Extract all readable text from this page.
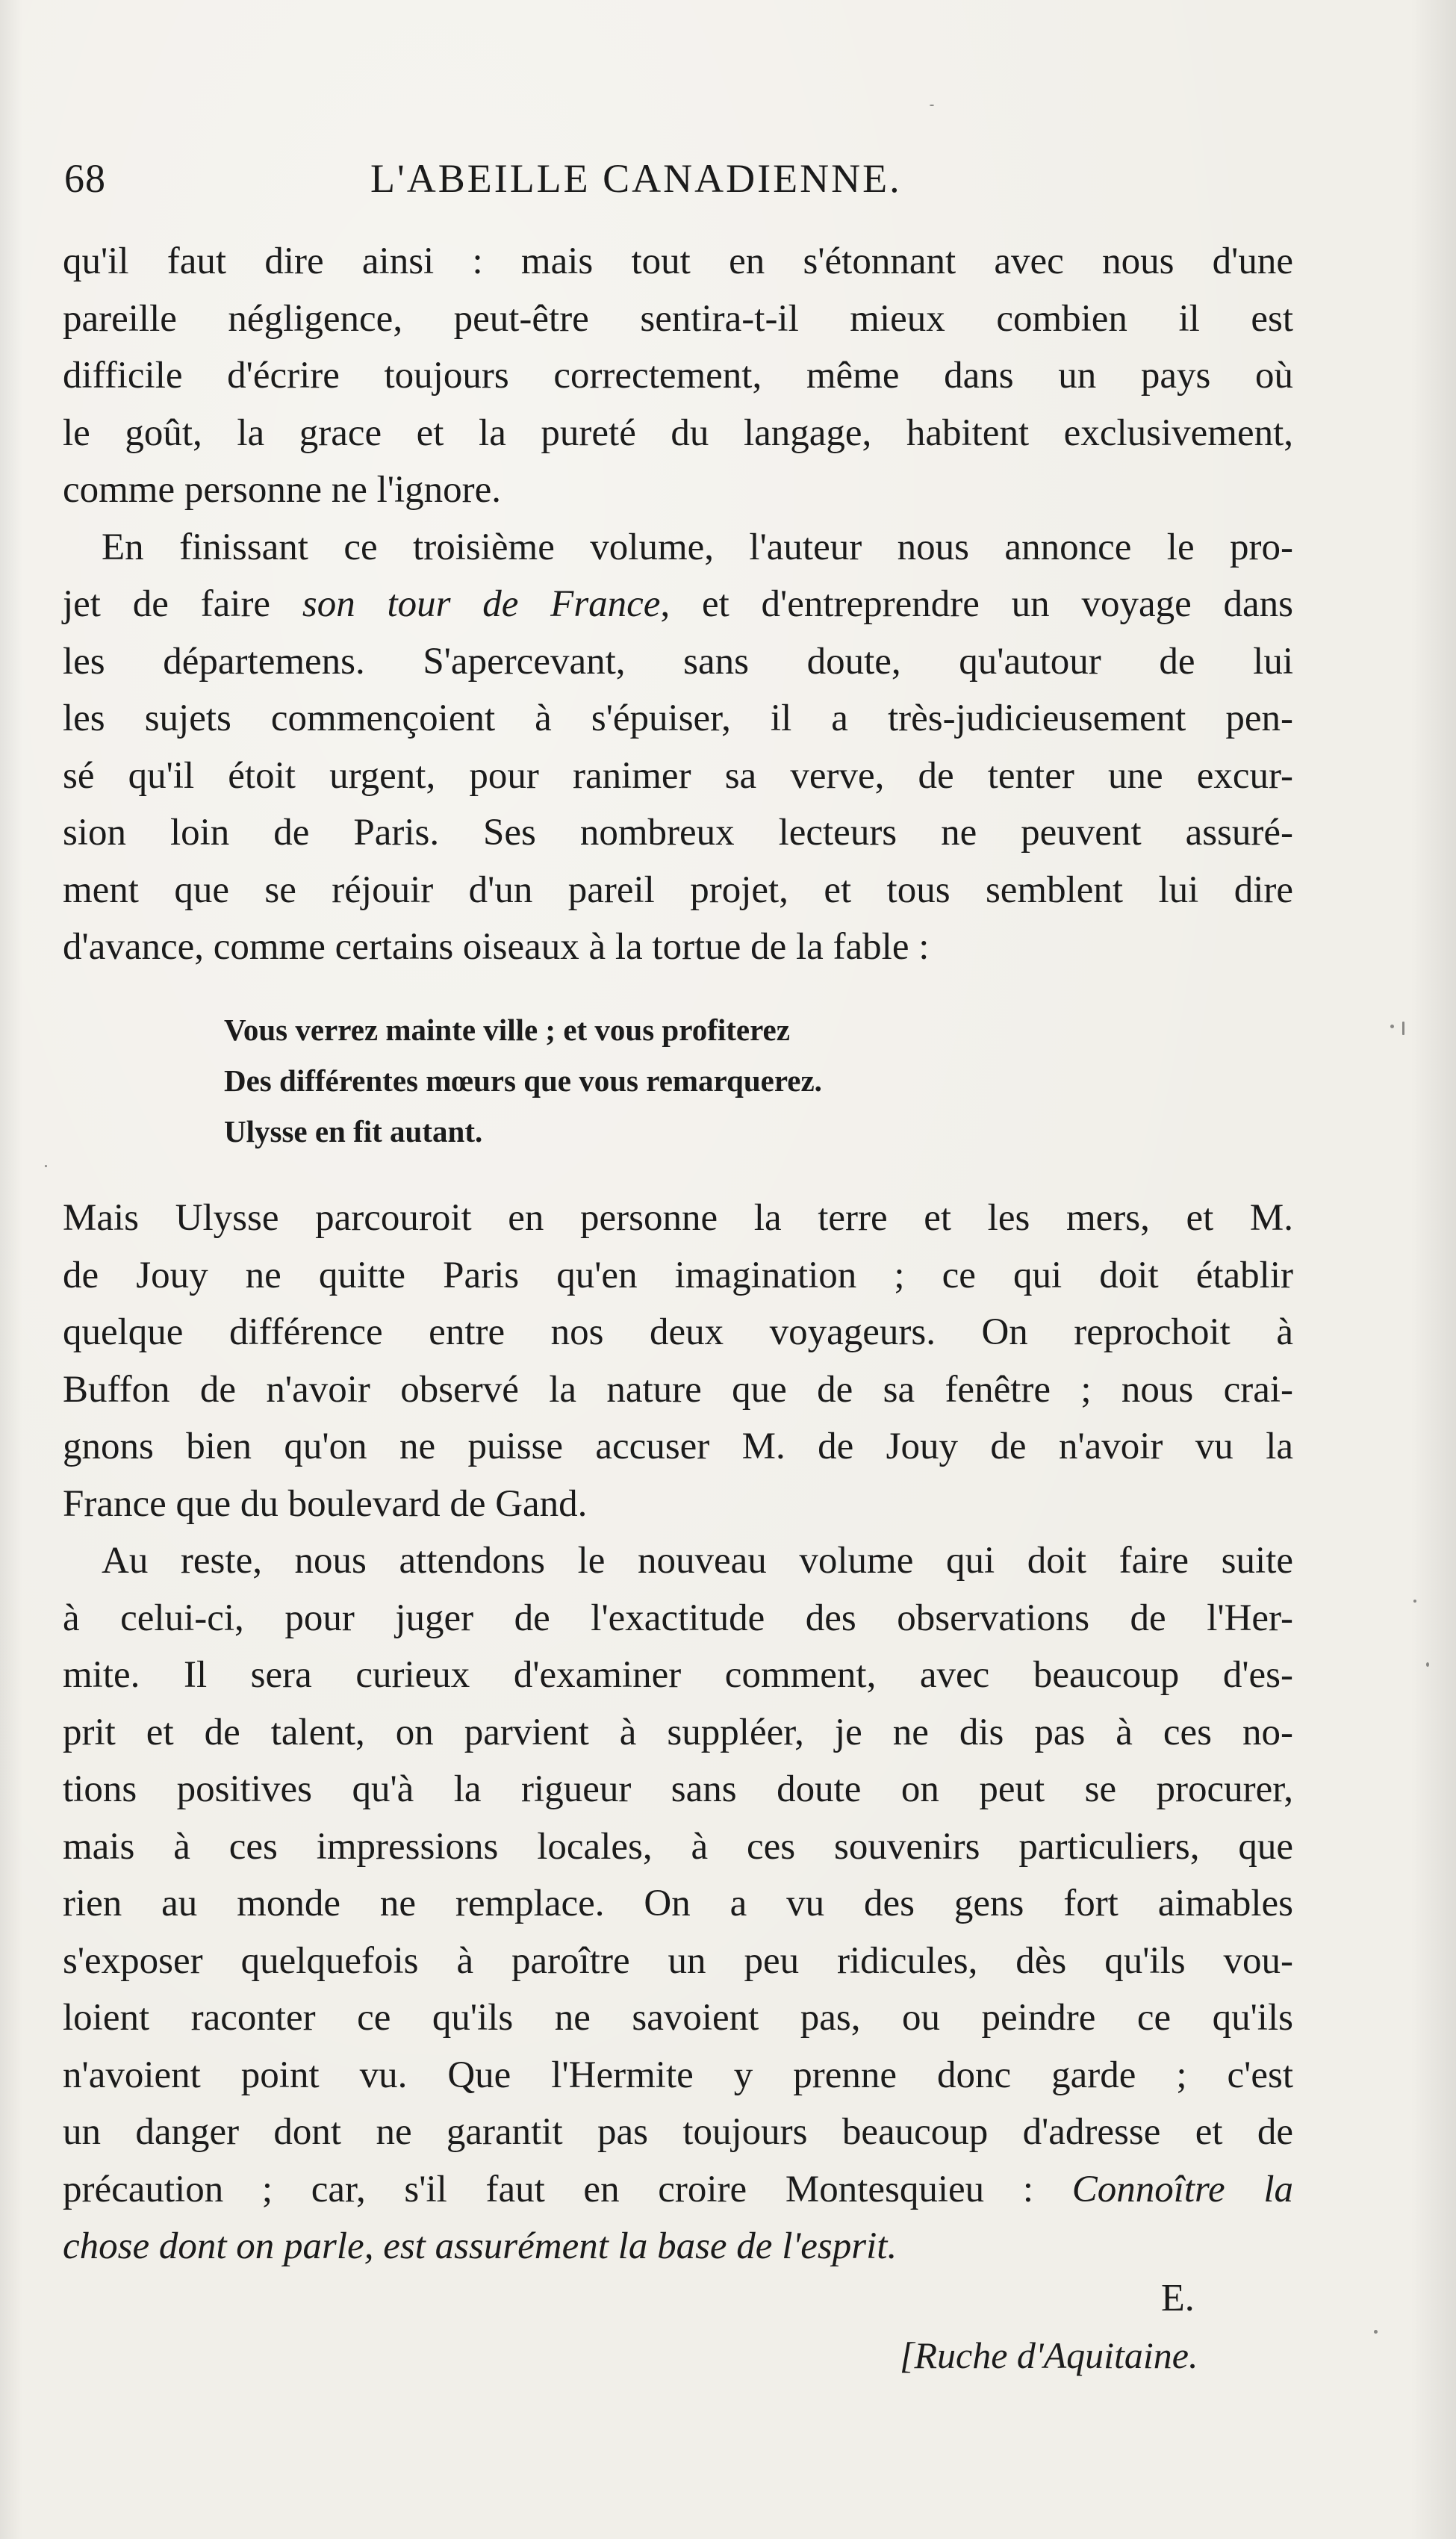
68	L'ABEILLE CANADIENNE.

qu'il faut dire ainsi : mais tout en s'étonnant avec nous d'une

pareille négligence, peut-être sentira-t-il mieux combien il est

difficile d'écrire toujours correctement, même dans un pays où

le goût, la grace et la pureté du langage, habitent exclusivement,

comme personne ne l'ignore.

En finissant ce troisième volume, l'auteur nous annonce le pro-

jet de faire son tour de France, et d'entreprendre un voyage dans

les départemens. S'apercevant, sans doute, qu'autour de lui

les sujets commençoient à s'épuiser, il a très-judicieusement pen-

sé qu'il étoit urgent, pour ranimer sa verve, de tenter une excur-

sion loin de Paris. Ses nombreux lecteurs ne peuvent assuré-

ment que se réjouir d'un pareil projet, et tous semblent lui dire

d'avance, comme certains oiseaux à la tortue de la fable :

Vous verrez mainte ville ; et vous profiterez
Des différentes mœurs que vous remarquerez.
Ulysse en fit autant.

Mais Ulysse parcouroit en personne la terre et les mers, et M.

de Jouy ne quitte Paris qu'en imagination ; ce qui doit établir

quelque différence entre nos deux voyageurs. On reprochoit à

Buffon de n'avoir observé la nature que de sa fenêtre ; nous crai-

gnons bien qu'on ne puisse accuser M. de Jouy de n'avoir vu la

France que du boulevard de Gand.

Au reste, nous attendons le nouveau volume qui doit faire suite

à celui-ci, pour juger de l'exactitude des observations de l'Her-

mite. Il sera curieux d'examiner comment, avec beaucoup d'es-

prit et de talent, on parvient à suppléer, je ne dis pas à ces no-

tions positives qu'à la rigueur sans doute on peut se procurer,

mais à ces impressions locales, à ces souvenirs particuliers, que

rien au monde ne remplace. On a vu des gens fort aimables

s'exposer quelquefois à paroître un peu ridicules, dès qu'ils vou-

loient raconter ce qu'ils ne savoient pas, ou peindre ce qu'ils

n'avoient point vu. Que l'Hermite y prenne donc garde ; c'est

un danger dont ne garantit pas toujours beaucoup d'adresse et de

précaution ; car, s'il faut en croire Montesquieu : Connoître la

chose dont on parle, est assurément la base de l'esprit.

E.
[Ruche d'Aquitaine.
